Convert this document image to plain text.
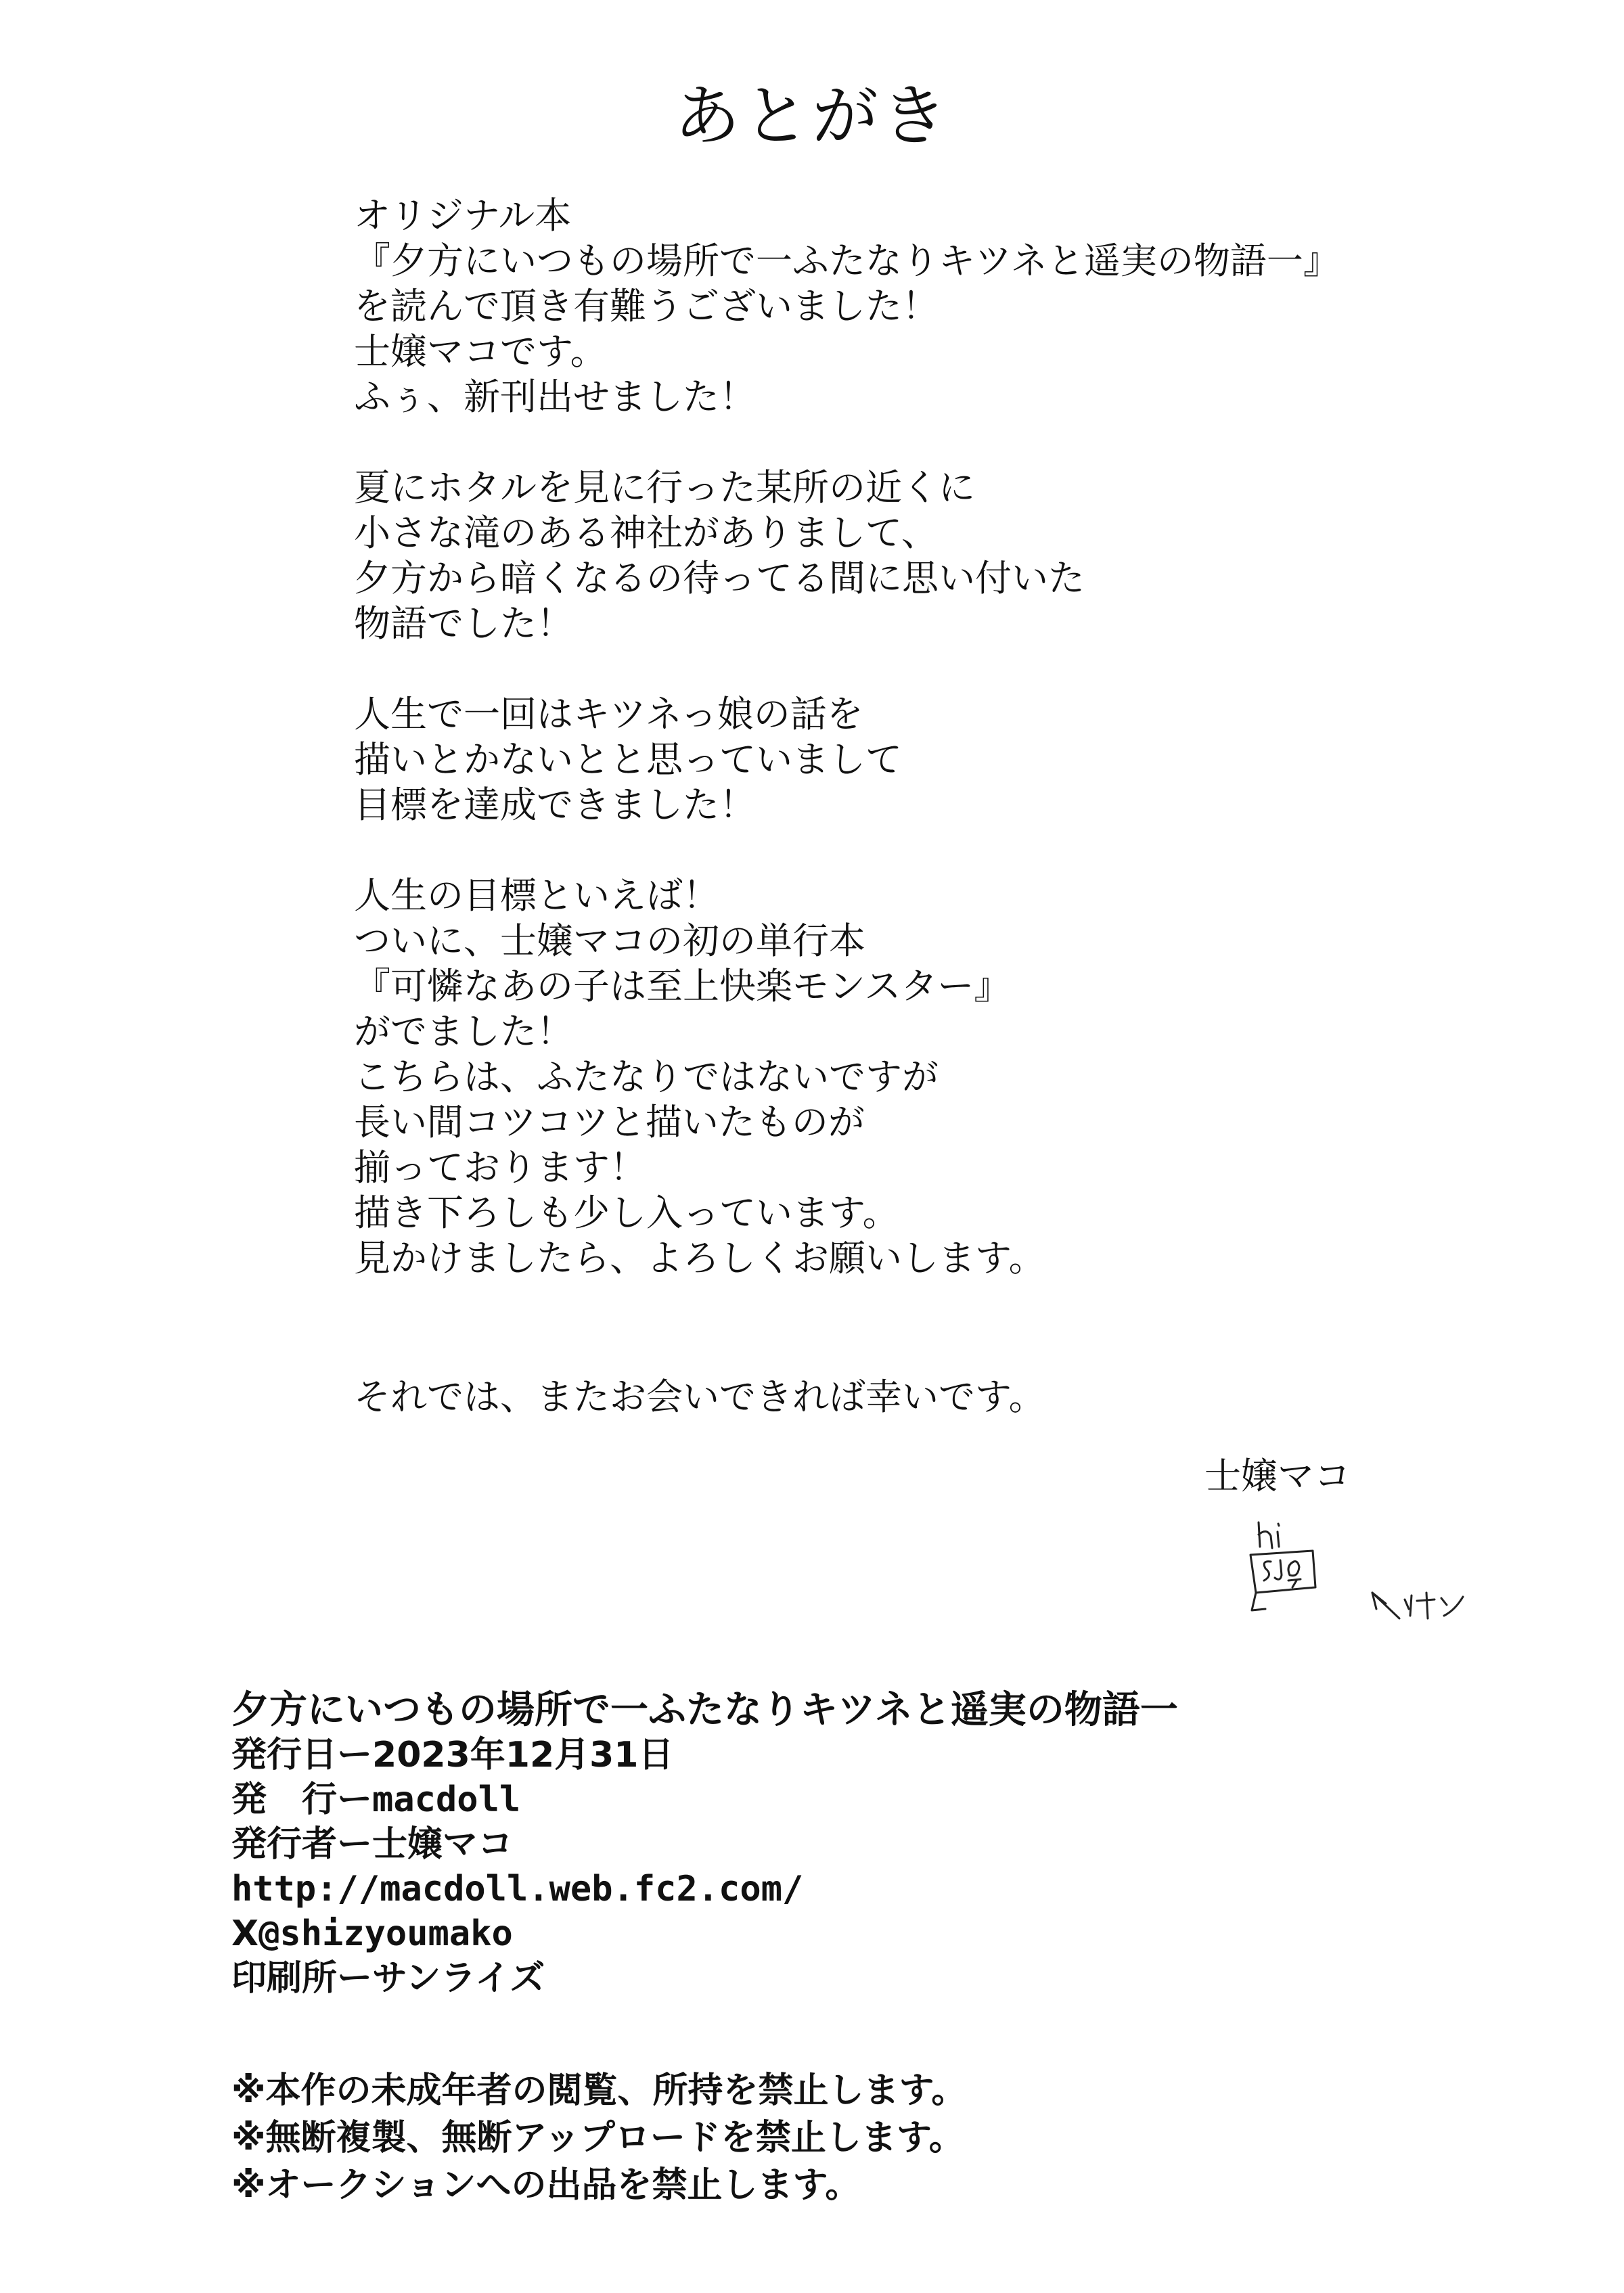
あとがき
オリジナル本
『夕方にいつもの場所で一ふたなりキツネと遥実の物語一』
を読んで頂き有難うございました！
士嬢マコです。
ふぅ、新刊出せました！
夏にホタルを見に行った某所の近くに
小さな滝のある神社がありまして、
夕方から暗くなるの待ってる間に思い付いた
物語でした！
人生で一回はキツネっ娘の話を
描いとかないとと思っていまして
目標を達成できました！
人生の目標といえば！
ついに、士嬢マコの初の単行本
『可憐なあの子は至上快楽モンスター』
がでました！
こちらは、ふたなりではないですが
長い間コツコツと描いたものが
揃っております！
描き下ろしも少し入っています。
見かけましたら、よろしくお願いします。
それでは、またお会いできれば幸いです。
士嬢マコ
サイン
夕方にいつもの場所で一ふたなりキツネと遥実の物語一
発行日ー2023年12月31日
発　行ーmacdoll
発行者ー士嬢マコ
http://macdoll.web.fc2.com/
X@shizyoumako
印刷所ーサンライズ
※本作の未成年者の閲覧、所持を禁止します。
※無断複製、無断アップロードを禁止します。
※オークションへの出品を禁止します。
